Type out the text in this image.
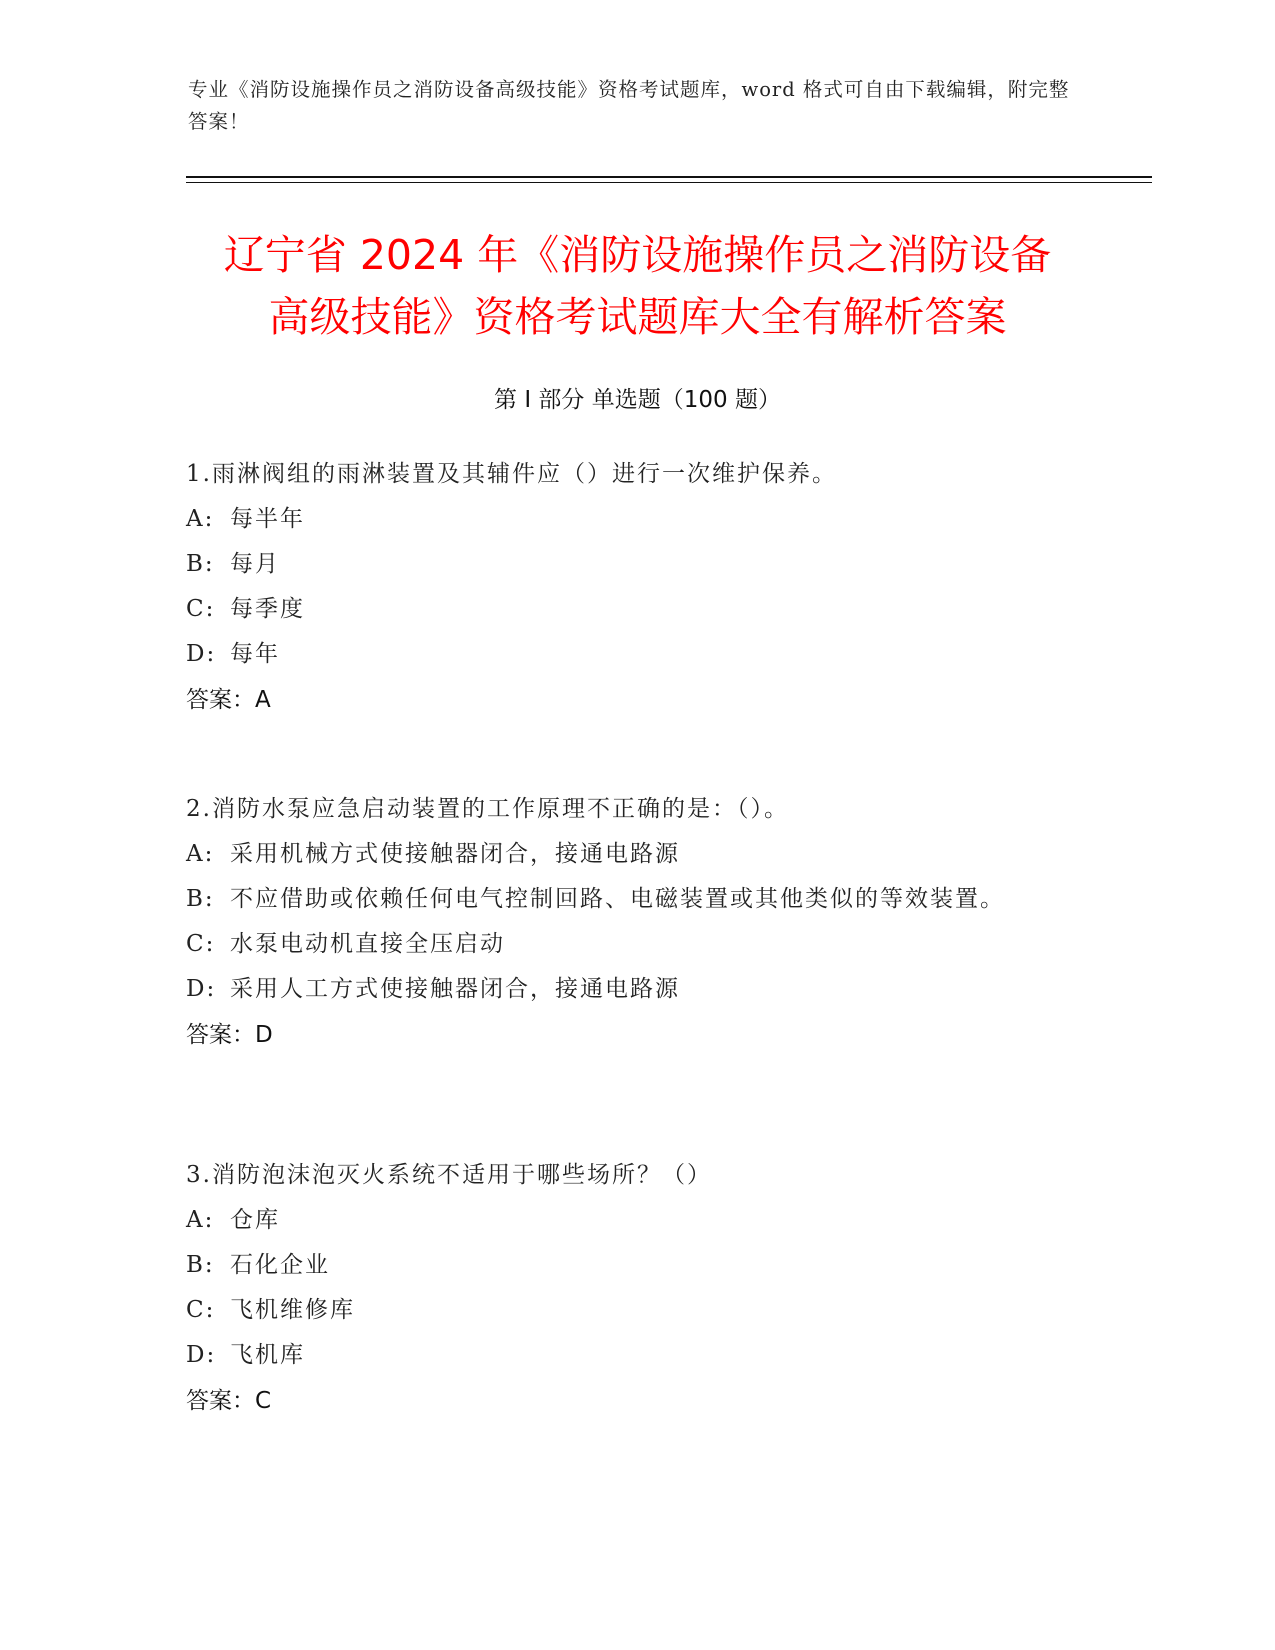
专业《消防设施操作员之消防设备高级技能》资格考试题库，word 格式可自由下载编辑，附完整答案！
辽宁省 2024 年《消防设施操作员之消防设备
高级技能》资格考试题库大全有解析答案
第 I 部分 单选题（100 题）
1.雨淋阀组的雨淋装置及其辅件应（）进行一次维护保养。
A: 每半年
B: 每月
C: 每季度
D: 每年
答案：A
2.消防水泵应急启动装置的工作原理不正确的是：（）。
A: 采用机械方式使接触器闭合，接通电路源
B: 不应借助或依赖任何电气控制回路、电磁装置或其他类似的等效装置。
C: 水泵电动机直接全压启动
D: 采用人工方式使接触器闭合，接通电路源
答案：D
3.消防泡沫泡灭火系统不适用于哪些场所？（）
A: 仓库
B: 石化企业
C: 飞机维修库
D: 飞机库
答案：C
